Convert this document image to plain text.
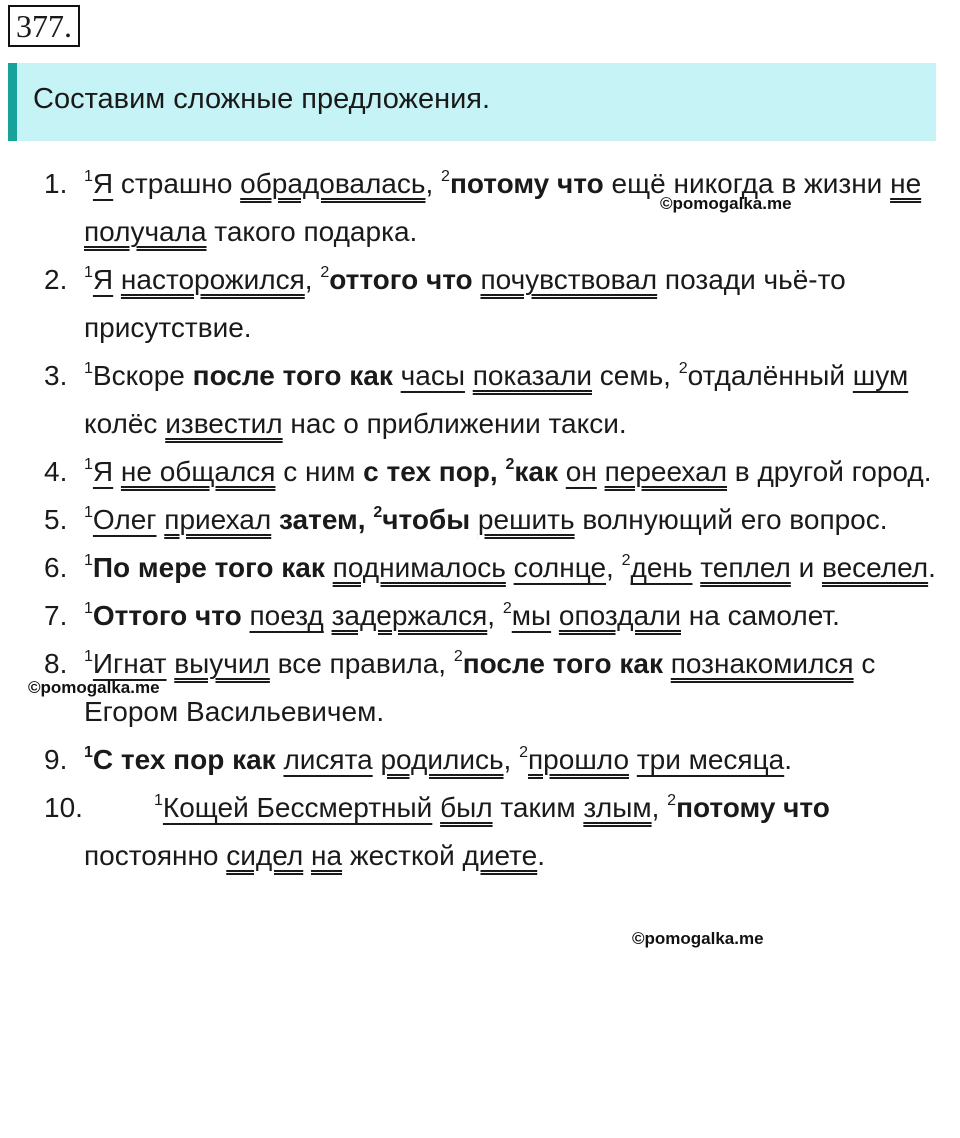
377.
Составим сложные предложения.
1. $^1$Я страшно обрадовалась, $^2$потому что ещё никогда в жизни не получала такого подарка.
2. $^1$Я насторожился, $^2$оттого что почувствовал позади чьё-то присутствие.
3. $^1$Вскоре после того как часы показали семь, $^2$отдалённый шум колёс известил нас о приближении такси.
4. $^1$Я не общался с ним с тех пор, $^2$как он переехал в другой город.
5. $^1$Олег приехал затем, $^2$чтобы решить волнующий его вопрос.
6. $^1$По мере того как поднималось солнце, $^2$день теплел и веселел.
7. $^1$Оттого что поезд задержался, $^2$мы опоздали на самолет.
8. $^1$Игнат выучил все правила, $^2$после того как познакомился с Егором Васильевичем.
9. $^1$С тех пор как лисята родились, $^2$прошло три месяца.
10.	$^1$Кощей Бессмертный был таким злым, $^2$потому что постоянно сидел на жесткой диете.
©pomogalka.me
©pomogalka.me
©pomogalka.me
